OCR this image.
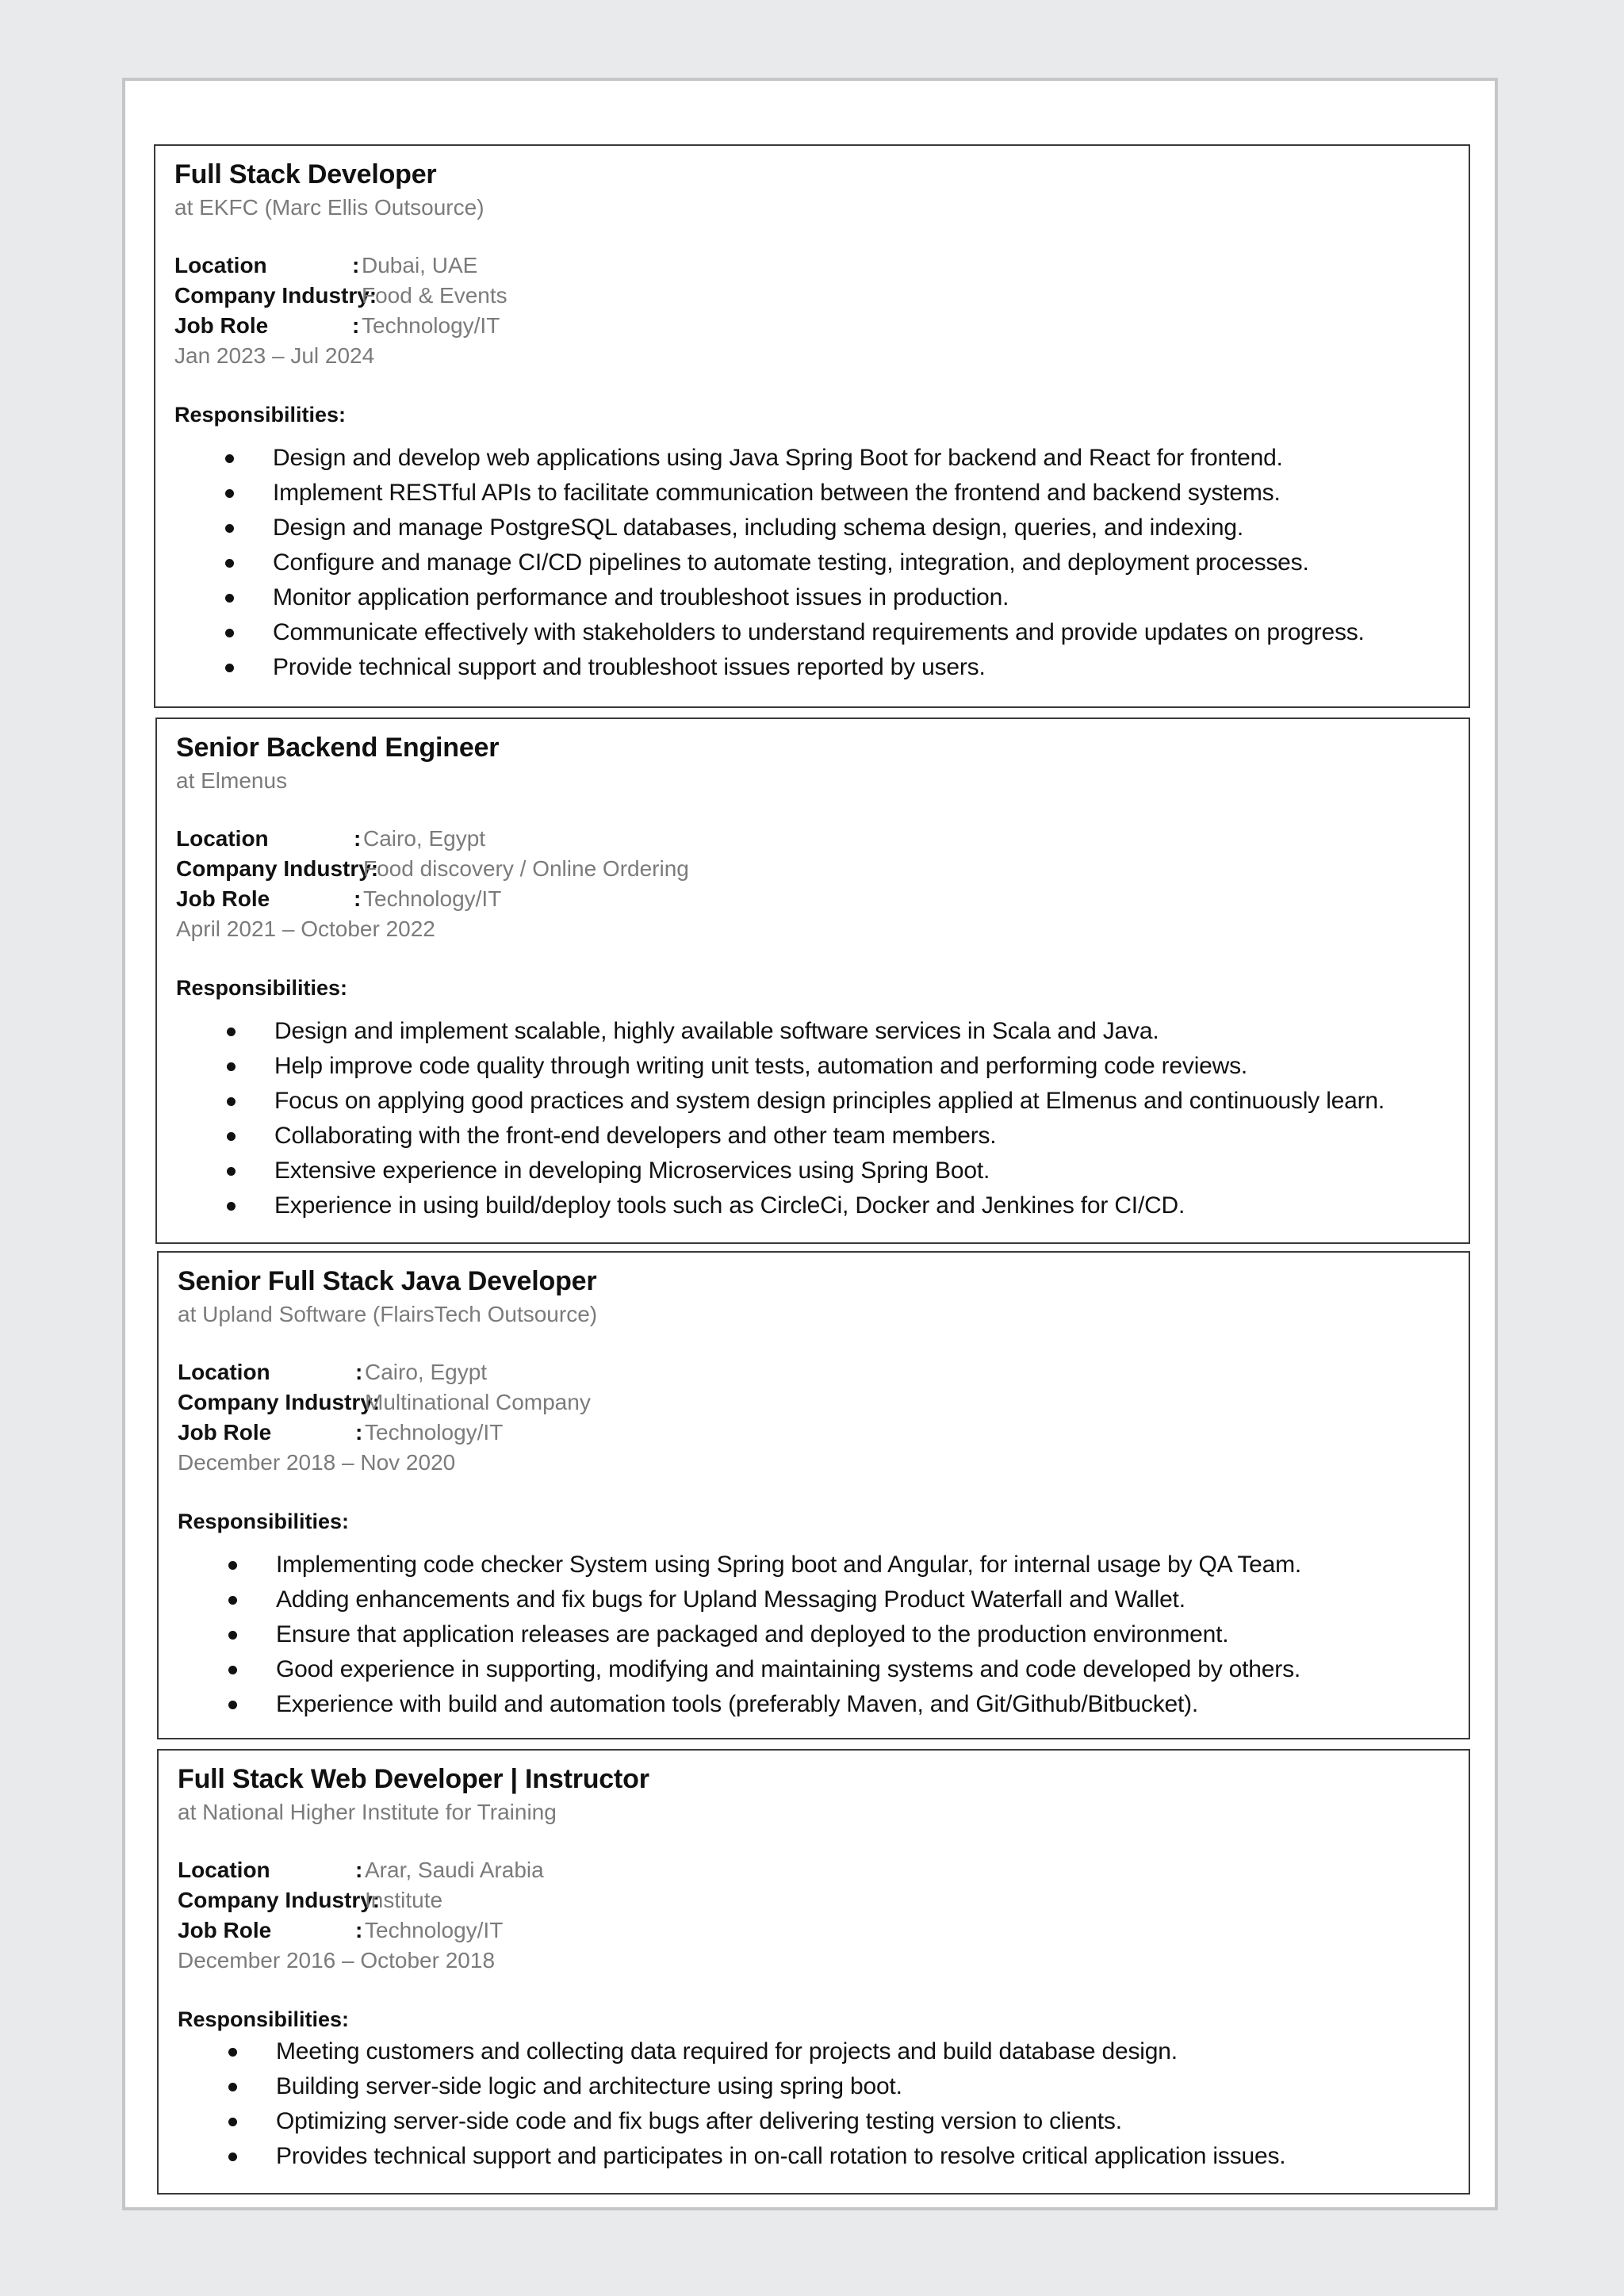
Full Stack Developer
at EKFC (Marc Ellis Outsource)
Location	: Dubai, UAE
Company Industry:
Food & Events
Job Role	: Technology/IT
Jan 2023 – Jul 2024
Responsibilities:
Design and develop web applications using Java Spring Boot for backend and React for frontend.
Implement RESTful APIs to facilitate communication between the frontend and backend systems.
Design and manage PostgreSQL databases, including schema design, queries, and indexing.
Configure and manage CI/CD pipelines to automate testing, integration, and deployment processes.
Monitor application performance and troubleshoot issues in production.
Communicate effectively with stakeholders to understand requirements and provide updates on progress.
Provide technical support and troubleshoot issues reported by users.
Senior Backend Engineer
at Elmenus
Location	: Cairo, Egypt
Company Industry:
Food discovery / Online Ordering
Job Role	: Technology/IT
April 2021 – October 2022
Responsibilities:
Design and implement scalable, highly available software services in Scala and Java.
Help improve code quality through writing unit tests, automation and performing code reviews.
Focus on applying good practices and system design principles applied at Elmenus and continuously learn.
Collaborating with the front-end developers and other team members.
Extensive experience in developing Microservices using Spring Boot.
Experience in using build/deploy tools such as CircleCi, Docker and Jenkines for CI/CD.
Senior Full Stack Java Developer
at Upland Software (FlairsTech Outsource)
Location	: Cairo, Egypt
Company Industry:
Multinational Company
Job Role	: Technology/IT
December 2018 – Nov 2020
Responsibilities:
Implementing code checker System using Spring boot and Angular, for internal usage by QA Team.
Adding enhancements and fix bugs for Upland Messaging Product Waterfall and Wallet.
Ensure that application releases are packaged and deployed to the production environment.
Good experience in supporting, modifying and maintaining systems and code developed by others.
Experience with build and automation tools (preferably Maven, and Git/Github/Bitbucket).
Full Stack Web Developer | Instructor
at National Higher Institute for Training
Location	: Arar, Saudi Arabia
Company Industry:
Institute
Job Role	: Technology/IT
December 2016 – October 2018
Responsibilities:
Meeting customers and collecting data required for projects and build database design.
Building server-side logic and architecture using spring boot.
Optimizing server-side code and fix bugs after delivering testing version to clients.
Provides technical support and participates in on-call rotation to resolve critical application issues.
